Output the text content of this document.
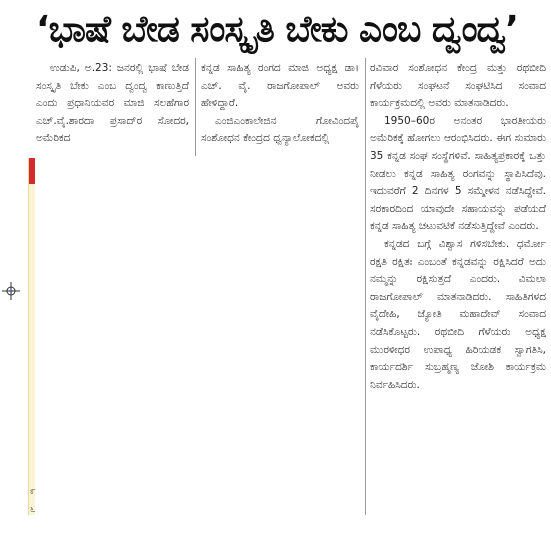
‘ಭಾಷೆ ಬೇಡ ಸಂಸ್ಕೃತಿ ಬೇಕು ಎಂಬ ದ್ವಂದ್ವ’

ಉಡುಪಿ, ಅ.23: ಜನರಲ್ಲಿ ಭಾಷೆ ಬೇಡ ಸಂಸ್ಕೃತಿ ಬೇಕು ಎಂಬ ದ್ವಂದ್ವ ಕಾಣುತ್ತಿದೆ ಎಂದು ಪ್ರಧಾನಿಯವರ ಮಾಜಿ ಸಲಹೆಗಾರ ಎಚ್.ವೈ.ಶಾರದಾ ಪ್ರಸಾದ್‌ರ ಸೋದರ, ಅಮೆರಿಕದ

ಕನ್ನಡ ಸಾಹಿತ್ಯ ರಂಗದ ಮಾಜಿ ಅಧ್ಯಕ್ಷ ಡಾ। ಎಚ್. ವೈ. ರಾಜಗೋಪಾಲ್ ಅವರು ಹೇಳಿದ್ದಾರೆ.

ಎಂಜಿಎಂಕಾಲೇಜಿನ ಗೋವಿಂದಪೈ ಸಂಶೋಧನ ಕೇಂದ್ರದ ಧ್ವನ್ಯಾಲೋಕದಲ್ಲಿ

ರವಿವಾರ ಸಂಶೋಧನ ಕೇಂದ್ರ ಮತ್ತು ರಥಬೀದಿ ಗೆಳೆಯರು ಸಂಘಟನೆ ಸಂಘಟಿಸಿದ ಸಂವಾದ ಕಾರ್ಯಕ್ರಮದಲ್ಲಿ ಅವರು ಮಾತನಾಡಿದರು.

1950–60ರ ಅನಂತರ ಭಾರತೀಯರು ಅಮೆರಿಕಕ್ಕೆ ಹೋಗಲು ಆರಂಭಿಸಿದರು. ಈಗ ಸುಮಾರು 35 ಕನ್ನಡ ಸಂಘ ಸಂಸ್ಥೆಗಳಿವೆ. ಸಾಹಿತ್ಯಪ್ರಕಾರಕ್ಕೆ ಒತ್ತು ನೀಡಲು ಕನ್ನಡ ಸಾಹಿತ್ಯ ರಂಗವನ್ನು ಸ್ಥಾಪಿಸಿದೆವು. ಇದುವರೆಗೆ 2 ದಿನಗಳ 5 ಸಮ್ಮೇಳನ ನಡೆಸಿದ್ದೇವೆ. ಸರಕಾರದಿಂದ ಯಾವುದೇ ಸಹಾಯವನ್ನು ಪಡೆಯದೆ ಕನ್ನಡ ಸಾಹಿತ್ಯ ಚಟುವಟಿಕೆ ನಡೆಸುತ್ತಿದ್ದೇವೆ ಎಂದರು.

ಕನ್ನಡದ ಬಗ್ಗೆ ವಿಶ್ವಾಸ ಗಳಿಸಬೇಕು. ಧರ್ಮೋ ರಕ್ಷತಿ ರಕ್ಷಿತಃ ಎಂಬಂತೆ ಕನ್ನಡವನ್ನು ರಕ್ಷಿಸಿದರೆ ಅದು ನಮ್ಮನ್ನು ರಕ್ಷಿಸುತ್ತದೆ ಎಂದರು. ವಿಮಲಾ ರಾಜಗೋಪಾಲ್ ಮಾತನಾಡಿದರು. ಸಾಹಿತಿಗಳದ ವೈದೇಹಿ, ಜ್ಯೋತಿ ಮಹಾದೇವ್ ಸಂವಾದ ನಡೆಸಿಕೊಟ್ಟರು. ರಥಬೀದಿ ಗೆಳೆಯರು ಅಧ್ಯಕ್ಷ ಮುರಳೀಧರ ಉಪಾಧ್ಯ ಹಿರಿಯಡಕ ಸ್ವಾಗತಿಸಿ, ಕಾರ್ಯದರ್ಶಿ ಸುಬ್ರಹ್ಮಣ್ಯ ಜೋಶಿ ಕಾರ್ಯಕ್ರಮ ನಿರ್ವಹಿಸಿದರು.

೯
೬
